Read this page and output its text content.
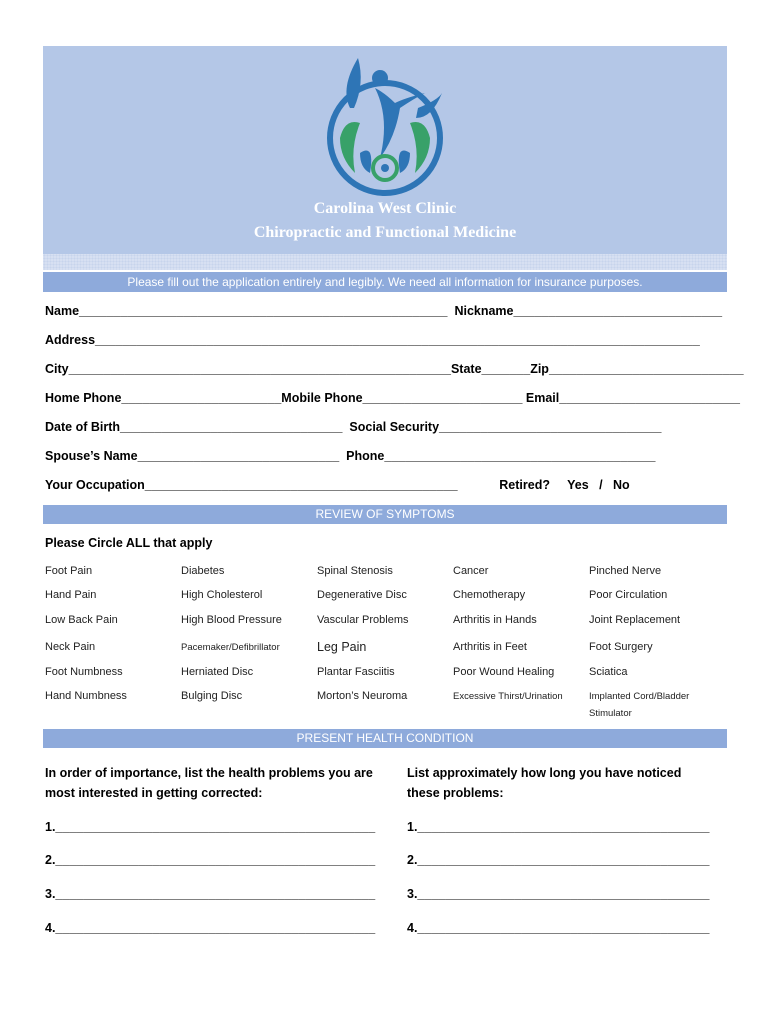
Carolina West Clinic
Chiropractic and Functional Medicine
Please fill out the application entirely and legibly. We need all information for insurance purposes.
Name_____________________________________________________  Nickname______________________________
Address_______________________________________________________________________________________
City_______________________________________________________State_______Zip____________________________
Home Phone_______________________Mobile Phone_______________________ Email__________________________
Date of Birth________________________________  Social Security________________________________
Spouse’s Name_____________________________  Phone_______________________________________
Your Occupation_____________________________________________            Retired?     Yes   /   No
REVIEW OF SYMPTOMS
Please Circle ALL that apply
Foot Pain	Diabetes	Spinal Stenosis	Cancer	Pinched Nerve
Hand Pain	High Cholesterol	Degenerative Disc	Chemotherapy	Poor Circulation
Low Back Pain	High Blood Pressure	Vascular Problems	Arthritis in Hands	Joint Replacement
Neck Pain	Pacemaker/Defibrillator	Leg Pain	Arthritis in Feet	Foot Surgery
Foot Numbness	Herniated Disc	Plantar Fasciitis	Poor Wound Healing	Sciatica
Hand Numbness	Bulging Disc	Morton’s Neuroma	Excessive Thirst/Urination	Implanted Cord/Bladder
Stimulator
PRESENT HEALTH CONDITION
In order of importance, list the health problems you are most interested in getting corrected:
List approximately how long you have noticed these problems:
1.______________________________________________
2.______________________________________________
3.______________________________________________
4.______________________________________________
1.__________________________________________
2.__________________________________________
3.__________________________________________
4.__________________________________________
